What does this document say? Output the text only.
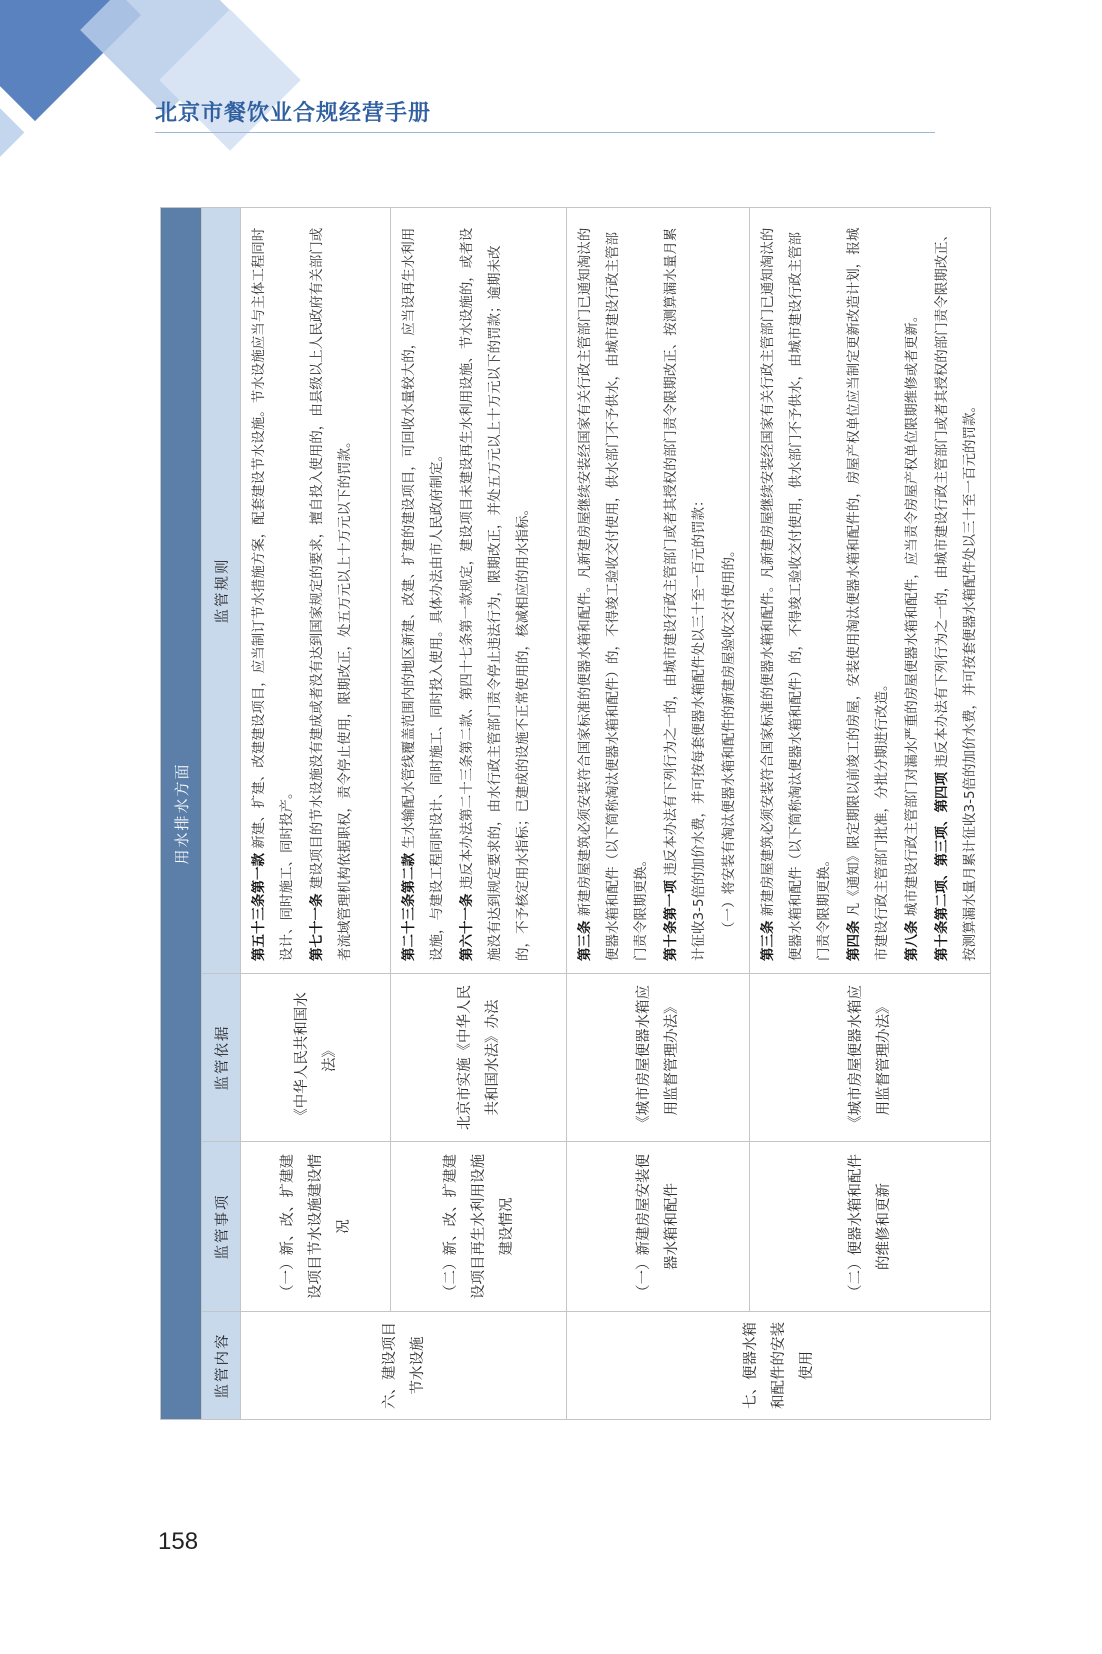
北京市餐饮业合规经营手册
用水排水方面			
监管内容	监管事项	监管依据	监管规则
六、建设项目节水设施	（一）新、改、扩建建设项目节水设施建设情况	《中华人民共和国水法》	第五十三条第一款 新建、扩建、改建建设项目，应当制订节水措施方案，配套建设节水设施。节水设施应当与主体工程同时设计、同时施工、同时投产。 第七十一条 建设项目的节水设施没有建成或者没有达到国家规定的要求，擅自投入使用的，由县级以上人民政府有关部门或者流域管理机构依据职权，责令停止使用，限期改正，处五万元以上十万元以下的罚款。

	（二）新、改、扩建建设项目再生水利用设施建设情况	北京市实施《中华人民共和国水法》办法	第二十三条第二款 生水输配水管线覆盖范围内的地区新建、改建、扩建的建设项目，可回收水量较大的，应当设再生水利用设施，与建设工程同时设计、同时施工、同时投入使用。具体办法由市人民政府制定。 第六十一条 违反本办法第二十三条第二款、第四十七条第一款规定，建设项目未建设再生水利用设施、节水设施的，或者设施没有达到规定要求的，由水行政主管部门责令停止违法行为，限期改正，并处五万元以上十万元以下的罚款；逾期未改的，不予核定用水指标；已建成的设施不正常使用的，核减相应的用水指标。

七、便器水箱和配件的安装使用	（一）新建房屋安装便器水箱和配件	《城市房屋便器水箱应用监督管理办法》	第三条 新建房屋建筑必须安装符合国家标准的便器水箱和配件。凡新建房屋继续安装经国家有关行政主管部门已通知淘汰的便器水箱和配件（以下简称淘汰便器水箱和配件）的，不得竣工验收交付使用，供水部门不予供水，由城市建设行政主管部门责令限期更换。 第十条第一项 违反本办法有下列行为之一的，由城市建设行政主管部门或者其授权的部门责令限期改正、按测算漏水量月累计征收3-5倍的加价水费，并可按每套便器水箱配件处以三十至一百元的罚款： （一）将安装有淘汰便器水箱和配件的新建房屋验收交付使用的。

	（二）便器水箱和配件的维修和更新	《城市房屋便器水箱应用监督管理办法》	第三条 新建房屋建筑必须安装符合国家标准的便器水箱和配件。凡新建房屋继续安装经国家有关行政主管部门已通知淘汰的便器水箱和配件（以下简称淘汰便器水箱和配件）的，不得竣工验收交付使用，供水部门不予供水，由城市建设行政主管部门责令限期更换。 第四条 凡《通知》限定期限以前竣工的房屋，安装使用淘汰便器水箱和配件的，房屋产权单位应当制定更新改造计划，报城市建设行政主管部门批准，分批分期进行改造。 第八条 城市建设行政主管部门对漏水严重的房屋便器水箱和配件，应当责令房屋产权单位限期维修或者更新。 第十条第二项、第三项、第四项 违反本办法有下列行为之一的，由城市建设行政主管部门或者其授权的部门责令限期改正、按测算漏水量月累计征收3-5倍的加价水费，并可按套便器水箱配件处以三十至一百元的罚款。

158
